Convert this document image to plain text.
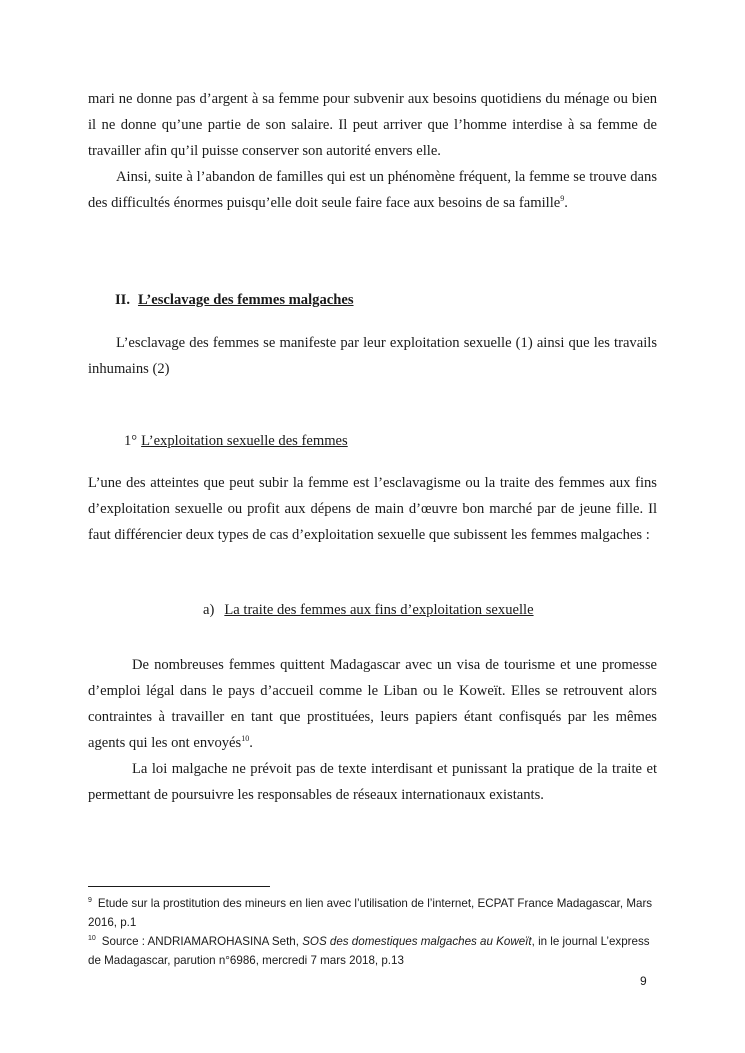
mari ne donne pas d’argent à sa femme pour subvenir aux besoins quotidiens du ménage ou bien il ne donne qu’une partie de son salaire. Il peut arriver que l’homme interdise à sa femme de travailler afin qu’il puisse conserver son autorité envers elle.

Ainsi, suite à l’abandon de familles qui est un phénomène fréquent, la femme se trouve dans des difficultés énormes puisqu’elle doit seule faire face aux besoins de sa famille$^9$.

II. L’esclavage des femmes malgaches

L’esclavage des femmes se manifeste par leur exploitation sexuelle (1) ainsi que les travails inhumains (2)

1° L’exploitation sexuelle des femmes

L’une des atteintes que peut subir la femme est l’esclavagisme ou la traite des femmes aux fins d’exploitation sexuelle ou profit aux dépens de main d’œuvre bon marché par de jeune fille. Il faut différencier deux types de cas d’exploitation sexuelle que subissent les femmes malgaches :

a) La traite des femmes aux fins d’exploitation sexuelle

De nombreuses femmes quittent Madagascar avec un visa de tourisme et une promesse d’emploi légal dans le pays d’accueil comme le Liban ou le Koweït. Elles se retrouvent alors contraintes à travailler en tant que prostituées, leurs papiers étant confisqués par les mêmes agents qui les ont envoyés$^{10}$.

La loi malgache ne prévoit pas de texte interdisant et punissant la pratique de la traite et permettant de poursuivre les responsables de réseaux internationaux existants.

$^9$ Etude sur la prostitution des mineurs en lien avec l’utilisation de l’internet, ECPAT France Madagascar, Mars 2016, p.1

$^{10}$ Source : ANDRIAMAROHASINA Seth, SOS des domestiques malgaches au Koweït, in le journal L’express de Madagascar, parution n°6986, mercredi 7 mars 2018, p.13

9
